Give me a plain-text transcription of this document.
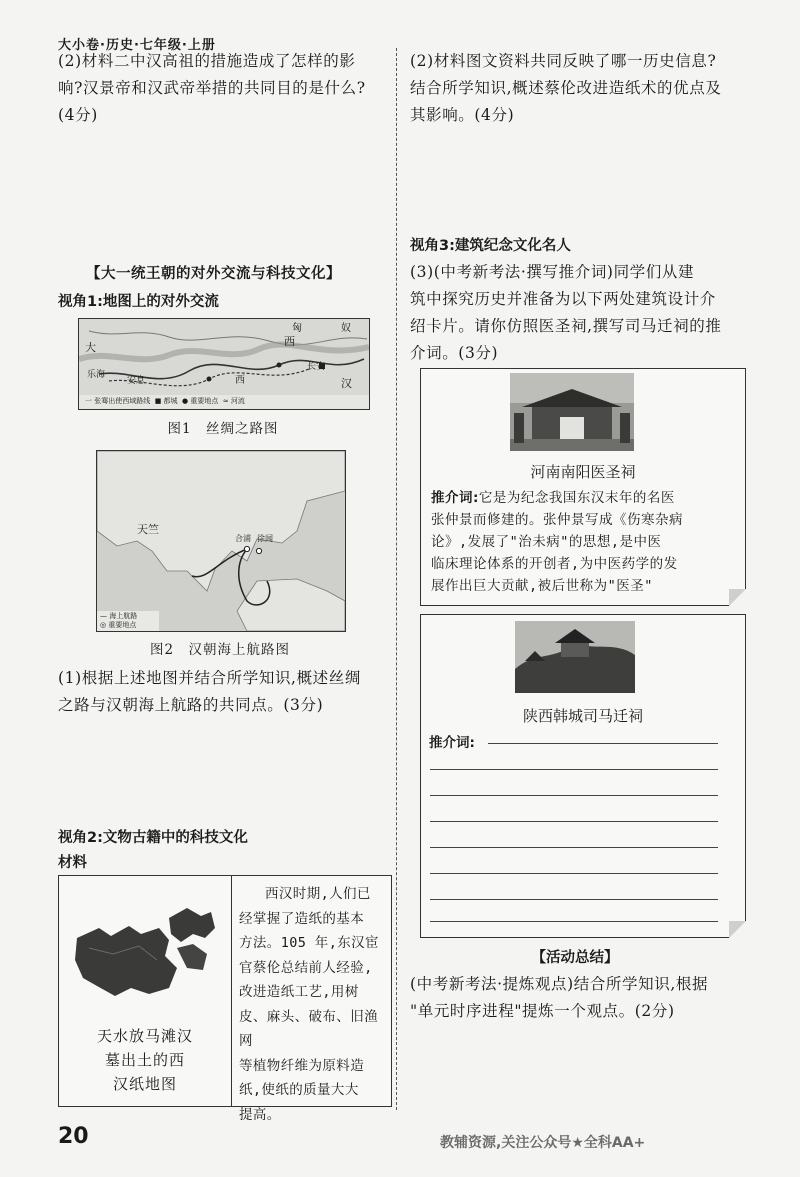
大小卷·历史·七年级·上册
(2)材料二中汉高祖的措施造成了怎样的影
响?汉景帝和汉武帝举措的共同目的是什么?
(4分)
【大一统王朝的对外交流与科技文化】
视角1:地图上的对外交流
大	西
汉
匈	奴
西
乐海
安息
长安
一 张骞出使西域路线 ■ 都城 ● 重要地点 ≈ 河流
图1　丝绸之路图
天竺
合浦 徐闻
— 海上航路
◎ 重要地点
图2　汉朝海上航路图
(1)根据上述地图并结合所学知识,概述丝绸
之路与汉朝海上航路的共同点。(3分)
视角2:文物古籍中的科技文化
材料
天水放马滩汉
墓出土的西
汉纸地图
西汉时期,人们已
经掌握了造纸的基本
方法。105 年,东汉宦
官蔡伦总结前人经验,
改进造纸工艺,用树
皮、麻头、破布、旧渔网
等植物纤维为原料造
纸,使纸的质量大大
提高。
(2)材料图文资料共同反映了哪一历史信息?
结合所学知识,概述蔡伦改进造纸术的优点及
其影响。(4分)
视角3:建筑纪念文化名人
(3)(中考新考法·撰写推介词)同学们从建
筑中探究历史并准备为以下两处建筑设计介
绍卡片。请你仿照医圣祠,撰写司马迁祠的推
介词。(3分)
河南南阳医圣祠
推介词:它是为纪念我国东汉末年的名医
张仲景而修建的。张仲景写成《伤寒杂病
论》,发展了"治未病"的思想,是中医
临床理论体系的开创者,为中医药学的发
展作出巨大贡献,被后世称为"医圣"
陕西韩城司马迁祠
推介词:
【活动总结】
(中考新考法·提炼观点)结合所学知识,根据
"单元时序进程"提炼一个观点。(2分)
20	教辅资源,关注公众号★全科AA+
